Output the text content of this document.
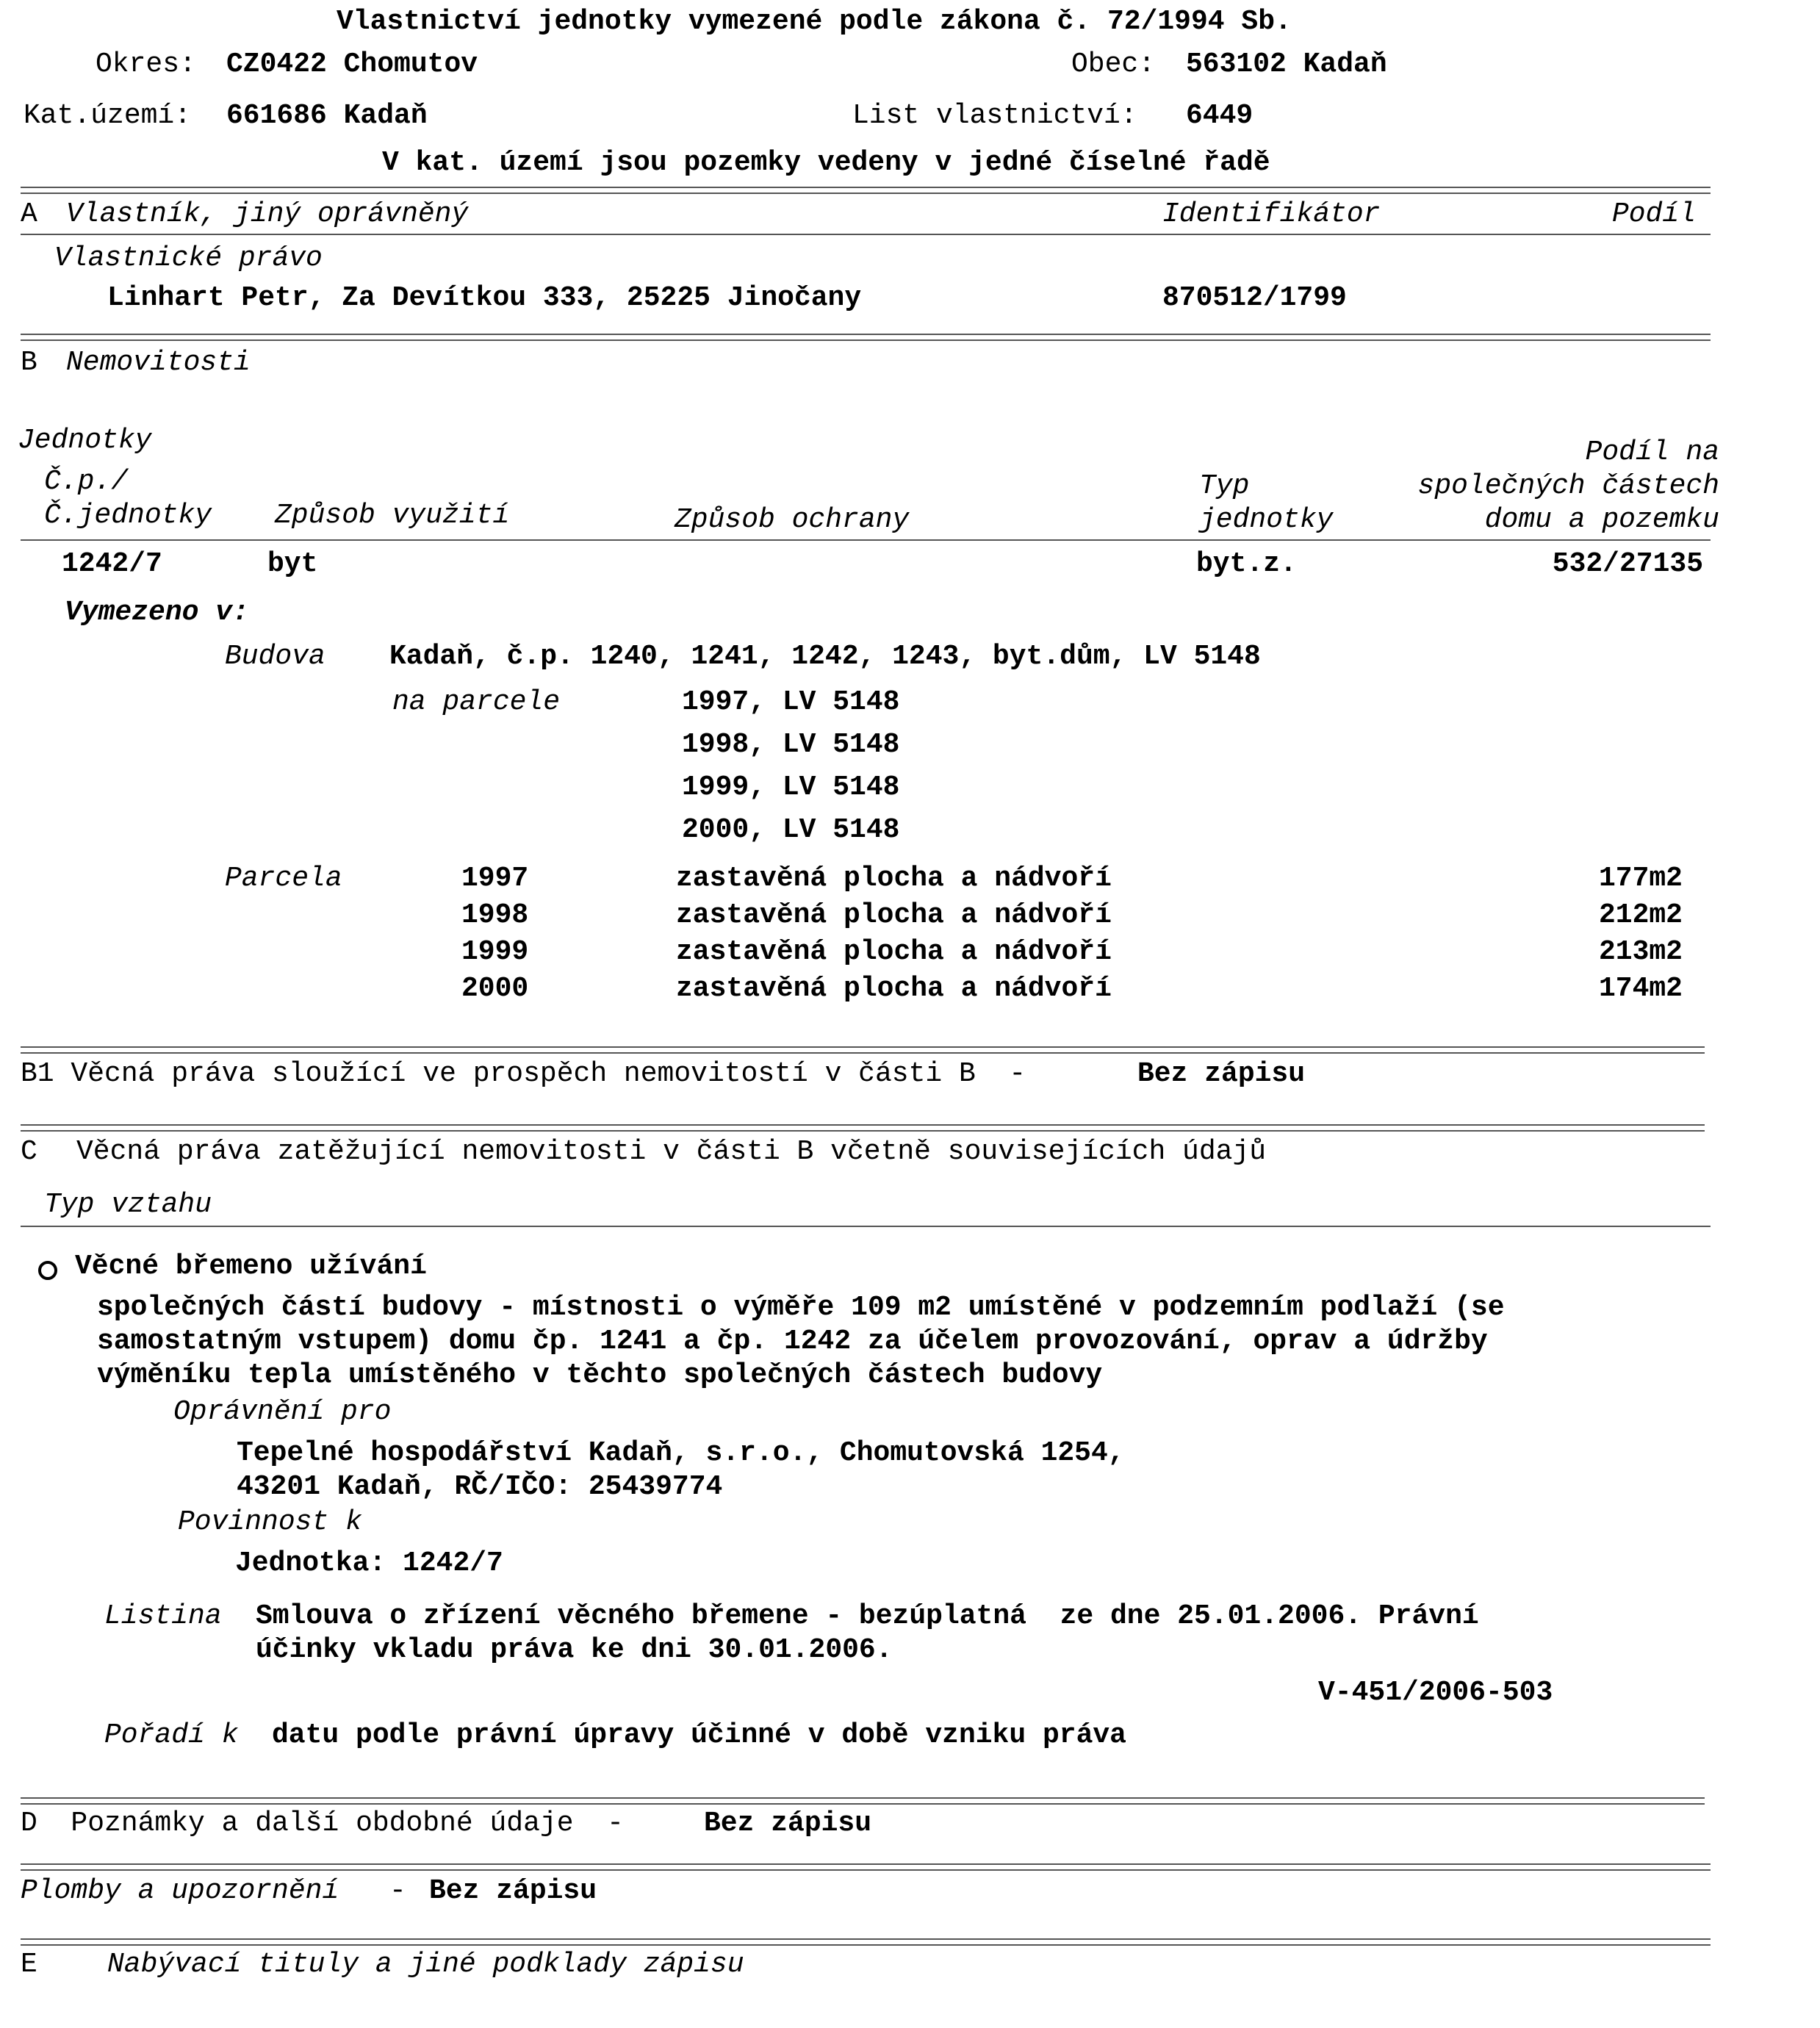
Vlastnictví jednotky vymezené podle zákona č. 72/1994 Sb.
Okres: CZ0422 Chomutov	Obec: 563102 Kadaň
Kat.území: 661686 Kadaň	List vlastnictví: 6449
V kat. území jsou pozemky vedeny v jedné číselné řadě
A Vlastník, jiný oprávněný	Identifikátor	Podíl
Vlastnické právo
Linhart Petr, Za Devítkou 333, 25225 Jinočany	870512/1799
B Nemovitosti
Jednotky
Č.p./
Č.jednotky Způsob využití	Způsob ochrany
Typ
jednotky
Podíl na
společných částech
domu a pozemku
1242/7	byt	byt.z.	532/27135
Vymezeno v:
Budova Kadaň, č.p. 1240, 1241, 1242, 1243, byt.dům, LV 5148
na parcele	1997, LV 5148
1998, LV 5148
1999, LV 5148
2000, LV 5148
Parcela	1997	zastavěná plocha a nádvoří	177m2
1998	zastavěná plocha a nádvoří	212m2
1999	zastavěná plocha a nádvoří	213m2
2000	zastavěná plocha a nádvoří	174m2
B1 Věcná práva sloužící ve prospěch nemovitostí v části B  -	Bez zápisu
C Věcná práva zatěžující nemovitosti v části B včetně souvisejících údajů
Typ vztahu
Věcné břemeno užívání
společných částí budovy - místnosti o výměře 109 m2 umístěné v podzemním podlaží (se
samostatným vstupem) domu čp. 1241 a čp. 1242 za účelem provozování, oprav a údržby
výměníku tepla umístěného v těchto společných částech budovy
Oprávnění pro
Tepelné hospodářství Kadaň, s.r.o., Chomutovská 1254,
43201 Kadaň, RČ/IČO: 25439774
Povinnost k
Jednotka: 1242/7
Listina Smlouva o zřízení věcného břemene - bezúplatná  ze dne 25.01.2006. Právní
účinky vkladu práva ke dni 30.01.2006.
V-451/2006-503
Pořadí k datu podle právní úpravy účinné v době vzniku práva
D  Poznámky a další obdobné údaje  -	Bez zápisu
Plomby a upozornění - Bez zápisu
E	Nabývací tituly a jiné podklady zápisu
